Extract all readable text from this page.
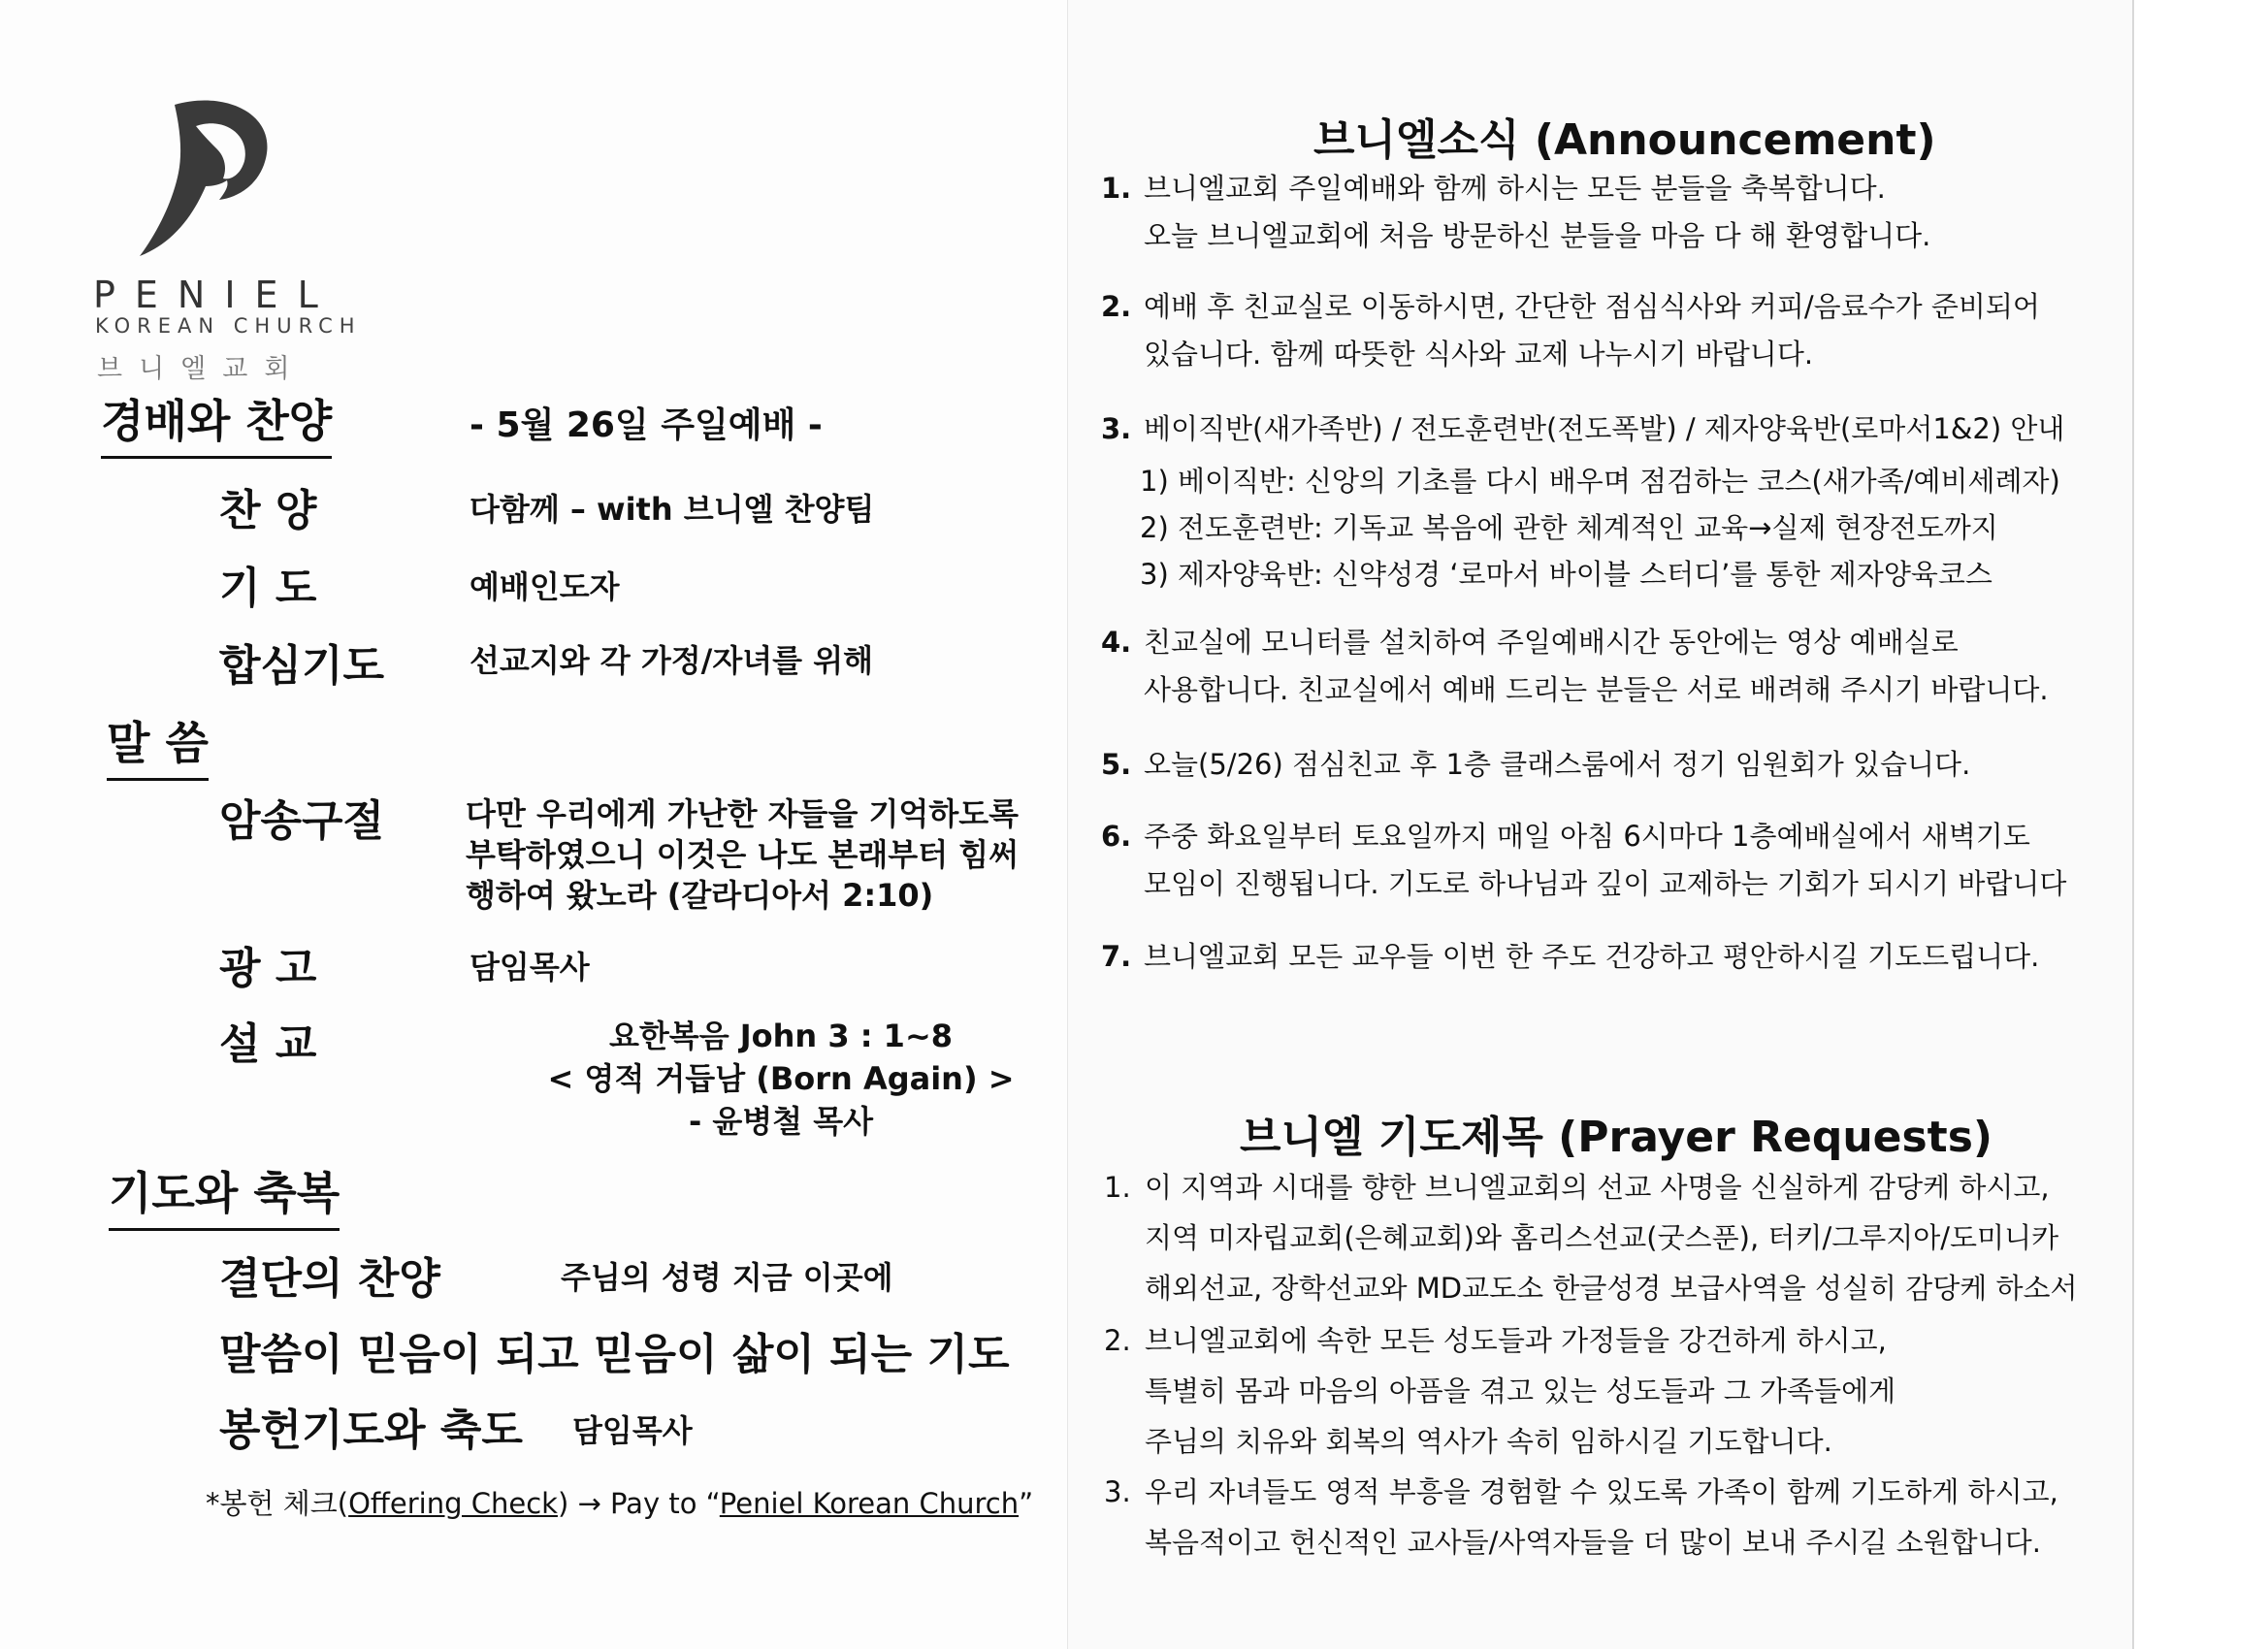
PENIEL
KOREAN CHURCH
브니엘교회
경배와 찬양	- 5월 26일 주일예배 -
찬 양	다함께 – with 브니엘 찬양팀
기 도	예배인도자
합심기도	선교지와 각 가정/자녀를 위해
말 씀
암송구절	다만 우리에게 가난한 자들을 기억하도록
부탁하였으니 이것은 나도 본래부터 힘써
행하여 왔노라 (갈라디아서 2:10)
광 고	담임목사
설 교	요한복음 John 3 : 1~8
< 영적 거듭남 (Born Again) >
- 윤병철 목사
기도와 축복
결단의 찬양	주님의 성령 지금 이곳에
말씀이 믿음이 되고 믿음이 삶이 되는 기도
봉헌기도와 축도 담임목사
*봉헌 체크(Offering Check) → Pay to “Peniel Korean Church”
브니엘소식 (Announcement)
1. 브니엘교회 주일예배와 함께 하시는 모든 분들을 축복합니다.
오늘 브니엘교회에 처음 방문하신 분들을 마음 다 해 환영합니다.
2. 예배 후 친교실로 이동하시면, 간단한 점심식사와 커피/음료수가 준비되어
있습니다. 함께 따뜻한 식사와 교제 나누시기 바랍니다.
3. 베이직반(새가족반) / 전도훈련반(전도폭발) / 제자양육반(로마서1&2) 안내
1) 베이직반: 신앙의 기초를 다시 배우며 점검하는 코스(새가족/예비세례자)
2) 전도훈련반: 기독교 복음에 관한 체계적인 교육→실제 현장전도까지
3) 제자양육반: 신약성경 ‘로마서 바이블 스터디’를 통한 제자양육코스
4. 친교실에 모니터를 설치하여 주일예배시간 동안에는 영상 예배실로
사용합니다. 친교실에서 예배 드리는 분들은 서로 배려해 주시기 바랍니다.
5. 오늘(5/26) 점심친교 후 1층 클래스룸에서 정기 임원회가 있습니다.
6. 주중 화요일부터 토요일까지 매일 아침 6시마다 1층예배실에서 새벽기도
모임이 진행됩니다. 기도로 하나님과 깊이 교제하는 기회가 되시기 바랍니다
7. 브니엘교회 모든 교우들 이번 한 주도 건강하고 평안하시길 기도드립니다.
브니엘 기도제목 (Prayer Requests)
1. 이 지역과 시대를 향한 브니엘교회의 선교 사명을 신실하게 감당케 하시고,
지역 미자립교회(은혜교회)와 홈리스선교(굿스푼), 터키/그루지아/도미니카
해외선교, 장학선교와 MD교도소 한글성경 보급사역을 성실히 감당케 하소서
2. 브니엘교회에 속한 모든 성도들과 가정들을 강건하게 하시고,
특별히 몸과 마음의 아픔을 겪고 있는 성도들과 그 가족들에게
주님의 치유와 회복의 역사가 속히 임하시길 기도합니다.
3. 우리 자녀들도 영적 부흥을 경험할 수 있도록 가족이 함께 기도하게 하시고,
복음적이고 헌신적인 교사들/사역자들을 더 많이 보내 주시길 소원합니다.
